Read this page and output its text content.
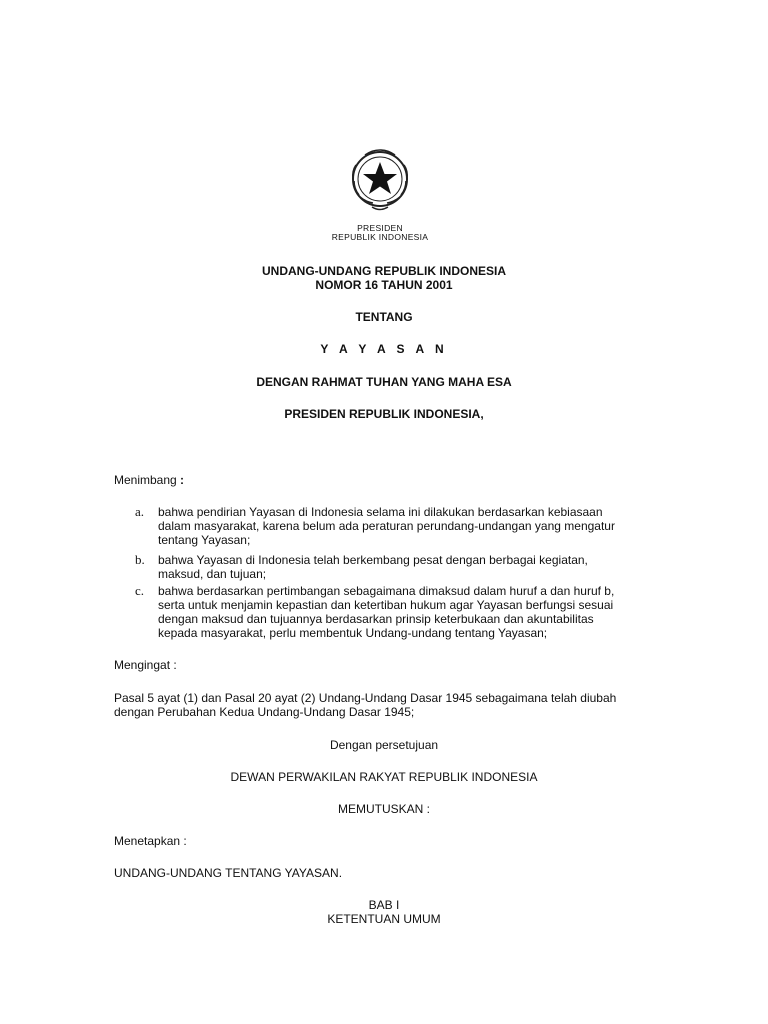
PRESIDEN
REPUBLIK INDONESIA
UNDANG-UNDANG REPUBLIK INDONESIA
NOMOR 16 TAHUN 2001
TENTANG
Y A Y A S A N
DENGAN RAHMAT TUHAN YANG MAHA ESA
PRESIDEN REPUBLIK INDONESIA,
Menimbang :
a. bahwa pendirian Yayasan di Indonesia selama ini dilakukan berdasarkan kebiasaan
dalam masyarakat, karena belum ada peraturan perundang-undangan yang mengatur
tentang Yayasan;
b. bahwa Yayasan di Indonesia telah berkembang pesat dengan berbagai kegiatan,
maksud, dan tujuan;
c. bahwa berdasarkan pertimbangan sebagaimana dimaksud dalam huruf a dan huruf b,
serta untuk menjamin kepastian dan ketertiban hukum agar Yayasan berfungsi sesuai
dengan maksud dan tujuannya berdasarkan prinsip keterbukaan dan akuntabilitas
kepada masyarakat, perlu membentuk Undang-undang tentang Yayasan;
Mengingat :
Pasal 5 ayat (1) dan Pasal 20 ayat (2) Undang-Undang Dasar 1945 sebagaimana telah diubah
dengan Perubahan Kedua Undang-Undang Dasar 1945;
Dengan persetujuan
DEWAN PERWAKILAN RAKYAT REPUBLIK INDONESIA
MEMUTUSKAN :
Menetapkan :
UNDANG-UNDANG TENTANG YAYASAN.
BAB I
KETENTUAN UMUM
